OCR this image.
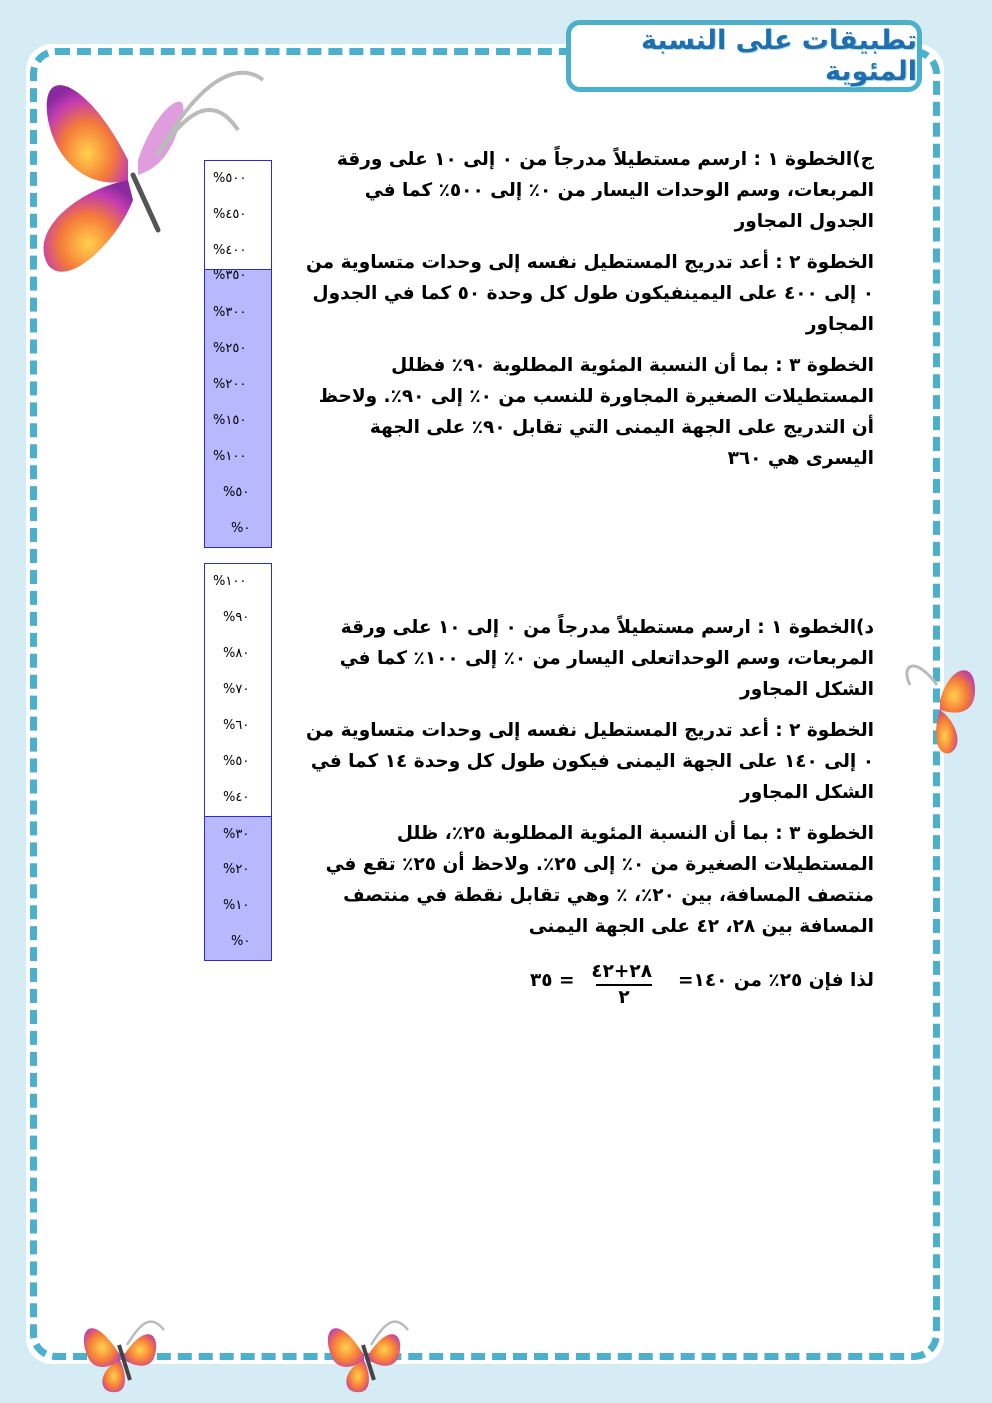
تطبيقات على النسبة المئوية

ج)الخطوة ١ : ارسم مستطيلاً مدرجاً من ٠ إلى ١٠ على ورقة المربعات، وسم الوحدات اليسار من ٠٪ إلى ٥٠٠٪ كما في الجدول المجاور

الخطوة ٢ : أعد تدريج المستطيل نفسه إلى وحدات متساوية من ٠ إلى ٤٠٠ على اليمينفيكون طول كل وحدة ٥٠ كما في الجدول المجاور

الخطوة ٣ : بما أن النسبة المئوية المطلوبة ٩٠٪ فظلل المستطيلات الصغيرة المجاورة للنسب من ٠٪ إلى ٩٠٪. ولاحظ أن التدريج على الجهة اليمنى التي تقابل ٩٠٪ على الجهة اليسرى هي ٣٦٠

%٥٠٠
%٤٥٠
%٤٠٠
%٣٥٠
%٣٠٠
%٢٥٠
%٢٠٠
%١٥٠
%١٠٠
%٥٠
%٠
%١٠٠
%٩٠
%٨٠
%٧٠
%٦٠
%٥٠
%٤٠
%٣٠
%٢٠
%١٠
%٠

د)الخطوة ١ : ارسم مستطيلاً مدرجاً من ٠ إلى ١٠ على ورقة المربعات، وسم الوحداتعلى اليسار من ٠٪ إلى ١٠٠٪ كما في الشكل المجاور

الخطوة ٢ : أعد تدريج المستطيل نفسه إلى وحدات متساوية من ٠ إلى ١٤٠ على الجهة اليمنى فيكون طول كل وحدة ١٤ كما في الشكل المجاور

الخطوة ٣ : بما أن النسبة المئوية المطلوبة ٢٥٪، ظلل المستطيلات الصغيرة من ٠٪ إلى ٢٥٪. ولاحظ أن ٢٥٪ تقع في منتصف المسافة، بين ٢٠٪، ٪ وهي تقابل نقطة في منتصف المسافة بين ٢٨، ٤٢ على الجهة اليمنى

لذا فإن ٢٥٪ من ١٤٠=
٢٨+٤٢
٢
= ٣٥
